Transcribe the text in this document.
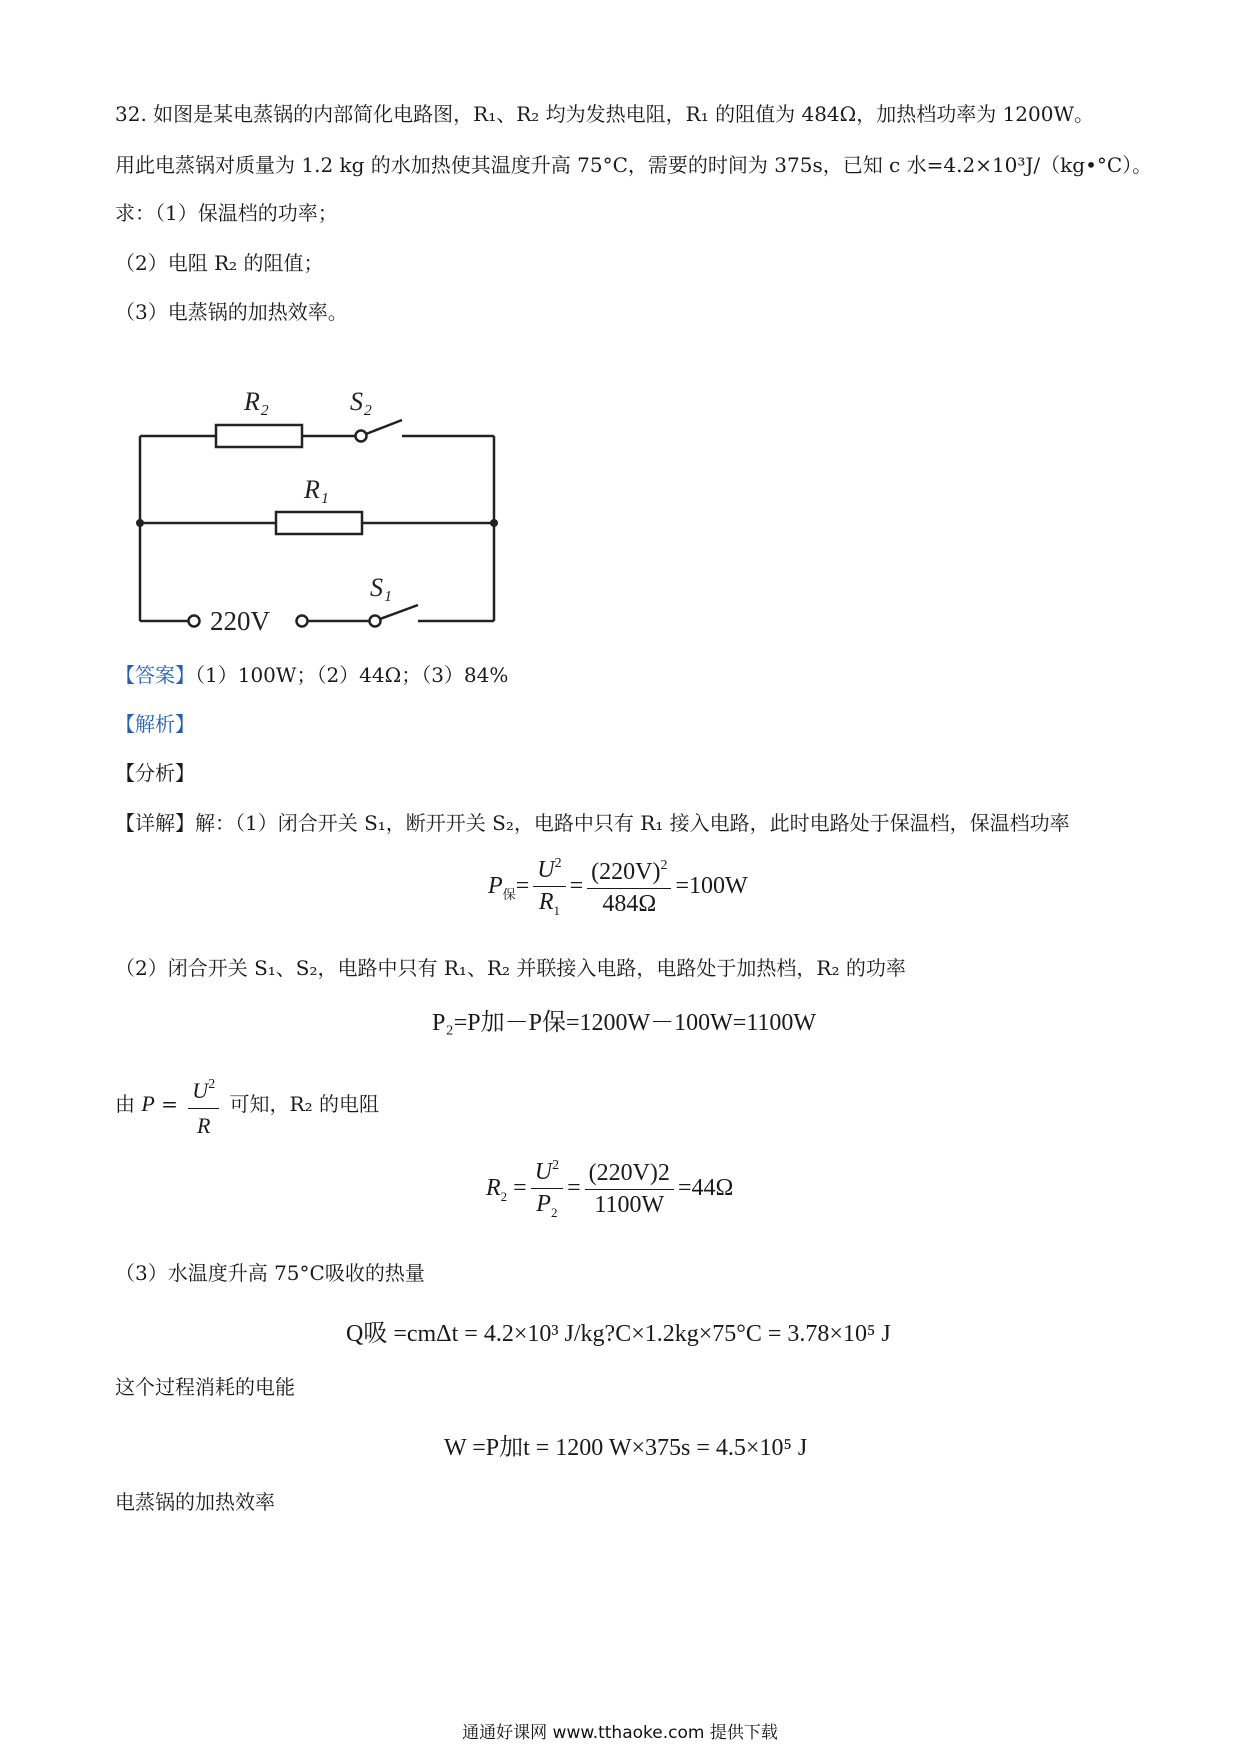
32. 如图是某电蒸锅的内部简化电路图，R₁、R₂ 均为发热电阻，R₁ 的阻值为 484Ω，加热档功率为 1200W。
用此电蒸锅对质量为 1.2 kg 的水加热使其温度升高 75°C，需要的时间为 375s，已知 c 水=4.2×10³J/（kg•°C）。
求：（1）保温档的功率；
（2）电阻 R₂ 的阻值；
（3）电蒸锅的加热效率。
R₂	S₂
R₁
S₁
220V
【答案】（1）100W；（2）44Ω；（3）84%
【解析】
【分析】
【详解】解：（1）闭合开关 S₁，断开开关 S₂，电路中只有 R₁ 接入电路，此时电路处于保温档，保温档功率
$P_保= \frac{U^2}{R_1} = \frac{(220V)^2}{484\Omega} =100W$
（2）闭合开关 S₁、S₂，电路中只有 R₁、R₂ 并联接入电路，电路处于加热档，R₂ 的功率
P₂=P加－P保=1200W－100W=1100W
由 $P = \frac{U^2}{R}$ 可知，R₂ 的电阻
$R_2 = \frac{U^2}{P_2} = \frac{(220V)2}{1100W} =44\Omega$
（3）水温度升高 75°C吸收的热量
Q吸 =cmΔt = 4.2×10³ J/kg?C×1.2kg×75°C = 3.78×10⁵ J
这个过程消耗的电能
W =P加t = 1200 W×375s = 4.5×10⁵ J
电蒸锅的加热效率
通通好课网 www.tthaoke.com 提供下载
